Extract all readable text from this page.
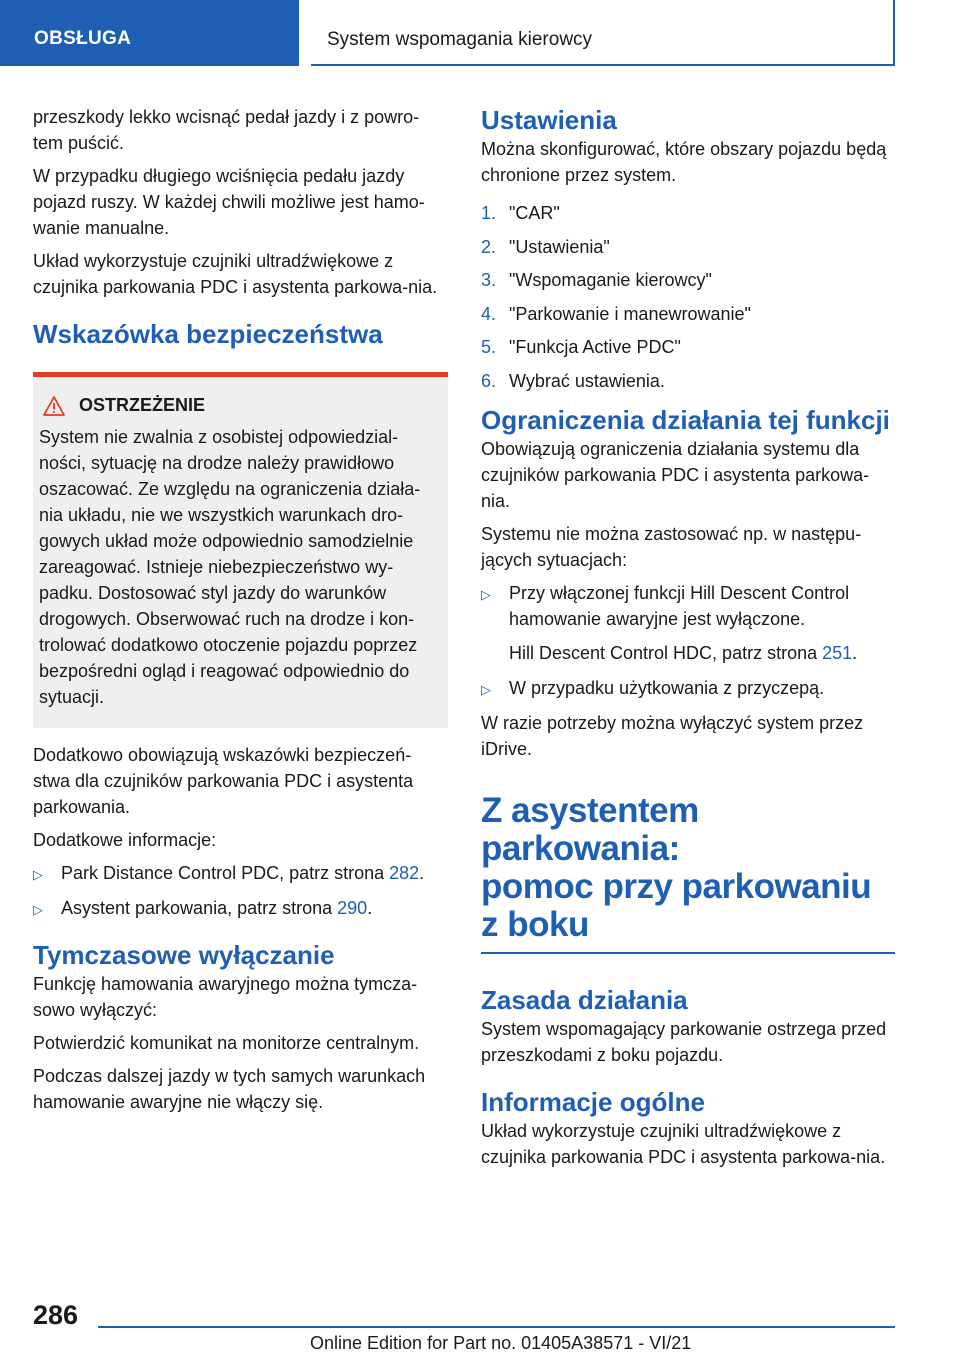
OBSŁUGA	System wspomagania kierowcy

przeszkody lekko wcisnąć pedał jazdy i z powro-tem puścić.

W przypadku długiego wciśnięcia pedału jazdy pojazd ruszy. W każdej chwili możliwe jest hamo-wanie manualne.

Układ wykorzystuje czujniki ultradźwiękowe z czujnika parkowania PDC i asystenta parkowa-nia.

Wskazówka bezpieczeństwa
OSTRZEŻENIE

System nie zwalnia z osobistej odpowiedzial-ności, sytuację na drodze należy prawidłowo oszacować. Ze względu na ograniczenia działa-nia układu, nie we wszystkich warunkach dro-gowych układ może odpowiednio samodzielnie zareagować. Istnieje niebezpieczeństwo wy-padku. Dostosować styl jazdy do warunków drogowych. Obserwować ruch na drodze i kon-trolować dodatkowo otoczenie pojazdu poprzez bezpośredni ogląd i reagować odpowiednio do sytuacji.

Dodatkowo obowiązują wskazówki bezpieczeń-stwa dla czujników parkowania PDC i asystenta parkowania.

Dodatkowe informacje:

▷ Park Distance Control PDC, patrz strona 282.
▷ Asystent parkowania, patrz strona 290.
Tymczasowe wyłączanie

Funkcję hamowania awaryjnego można tymcza-sowo wyłączyć:

Potwierdzić komunikat na monitorze centralnym.

Podczas dalszej jazdy w tych samych warunkach hamowanie awaryjne nie włączy się.

Ustawienia

Można skonfigurować, które obszary pojazdu będą chronione przez system.

1. "CAR"
2. "Ustawienia"
3. "Wspomaganie kierowcy"
4. "Parkowanie i manewrowanie"
5. "Funkcja Active PDC"
6. Wybrać ustawienia.
Ograniczenia działania tej funkcji

Obowiązują ograniczenia działania systemu dla czujników parkowania PDC i asystenta parkowa-nia.

Systemu nie można zastosować np. w następu-jących sytuacjach:

▷ Przy włączonej funkcji Hill Descent Control hamowanie awaryjne jest wyłączone.
Hill Descent Control HDC, patrz strona 251.
▷ W przypadku użytkowania z przyczepą.

W razie potrzeby można wyłączyć system przez iDrive.

Z asystentem parkowania:
pomoc przy parkowaniu
z boku
Zasada działania

System wspomagający parkowanie ostrzega przed przeszkodami z boku pojazdu.

Informacje ogólne

Układ wykorzystuje czujniki ultradźwiękowe z czujnika parkowania PDC i asystenta parkowa-nia.

286
Online Edition for Part no. 01405A38571 - VI/21
